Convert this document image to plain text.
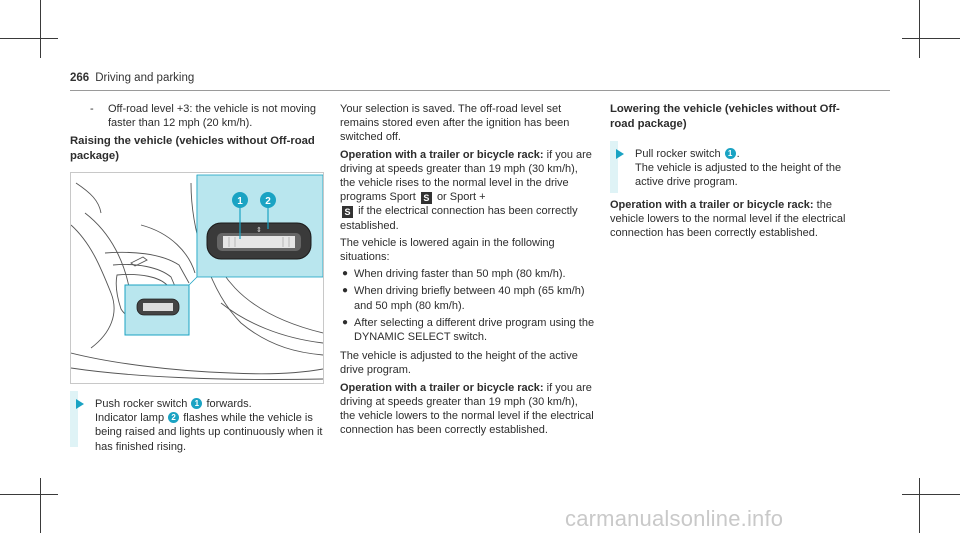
266 Driving and parking

- Off-road level +3: the vehicle is not moving faster than 12 mph (20 km/h).

Raising the vehicle (vehicles without Off-road package)
⇕
1 2
Push rocker switch 1 forwards.
Indicator lamp 2 flashes while the vehicle is being raised and lights up continuously when it has finished rising.

Your selection is saved. The off-road level set remains stored even after the ignition has been switched off.

Operation with a trailer or bicycle rack: if you are driving at speeds greater than 19 mph (30 km/h), the vehicle rises to the normal level in the drive programs Sport S or Sport +
S if the electrical connection has been correctly established.

The vehicle is lowered again in the following situations:

● When driving faster than 50 mph (80 km/h).
● When driving briefly between 40 mph (65 km/h) and 50 mph (80 km/h).
● After selecting a different drive program using the DYNAMIC SELECT switch.

The vehicle is adjusted to the height of the active drive program.

Operation with a trailer or bicycle rack: if you are driving at speeds greater than 19 mph (30 km/h), the vehicle lowers to the normal level if the electrical connection has been correctly established.

Lowering the vehicle (vehicles without Off-road package)
Pull rocker switch 1 .
The vehicle is adjusted to the height of the active drive program.

Operation with a trailer or bicycle rack: the vehicle lowers to the normal level if the electrical connection has been correctly established.

carmanualsonline.info
